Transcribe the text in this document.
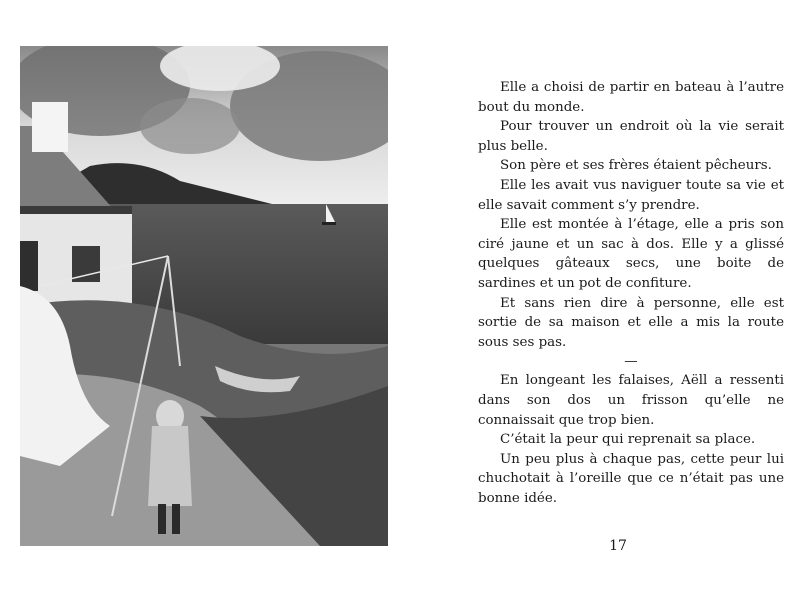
Elle a choisi de partir en bateau à l’autre bout du monde.

Pour trouver un endroit où la vie serait plus belle.

Son père et ses frères étaient pêcheurs.

Elle les avait vus naviguer toute sa vie et elle savait comment s’y prendre.

Elle est montée à l’étage, elle a pris son ciré jaune et un sac à dos. Elle y a glissé quelques gâteaux secs, une boite de sardines et un pot de confiture.

Et sans rien dire à personne, elle est sortie de sa maison et elle a mis la route sous ses pas.

—

En longeant les falaises, Aëll a ressenti dans son dos un frisson qu’elle ne connaissait que trop bien.

C’était la peur qui reprenait sa place.

Un peu plus à chaque pas, cette peur lui chuchotait à l’oreille que ce n’était pas une bonne idée.

17
